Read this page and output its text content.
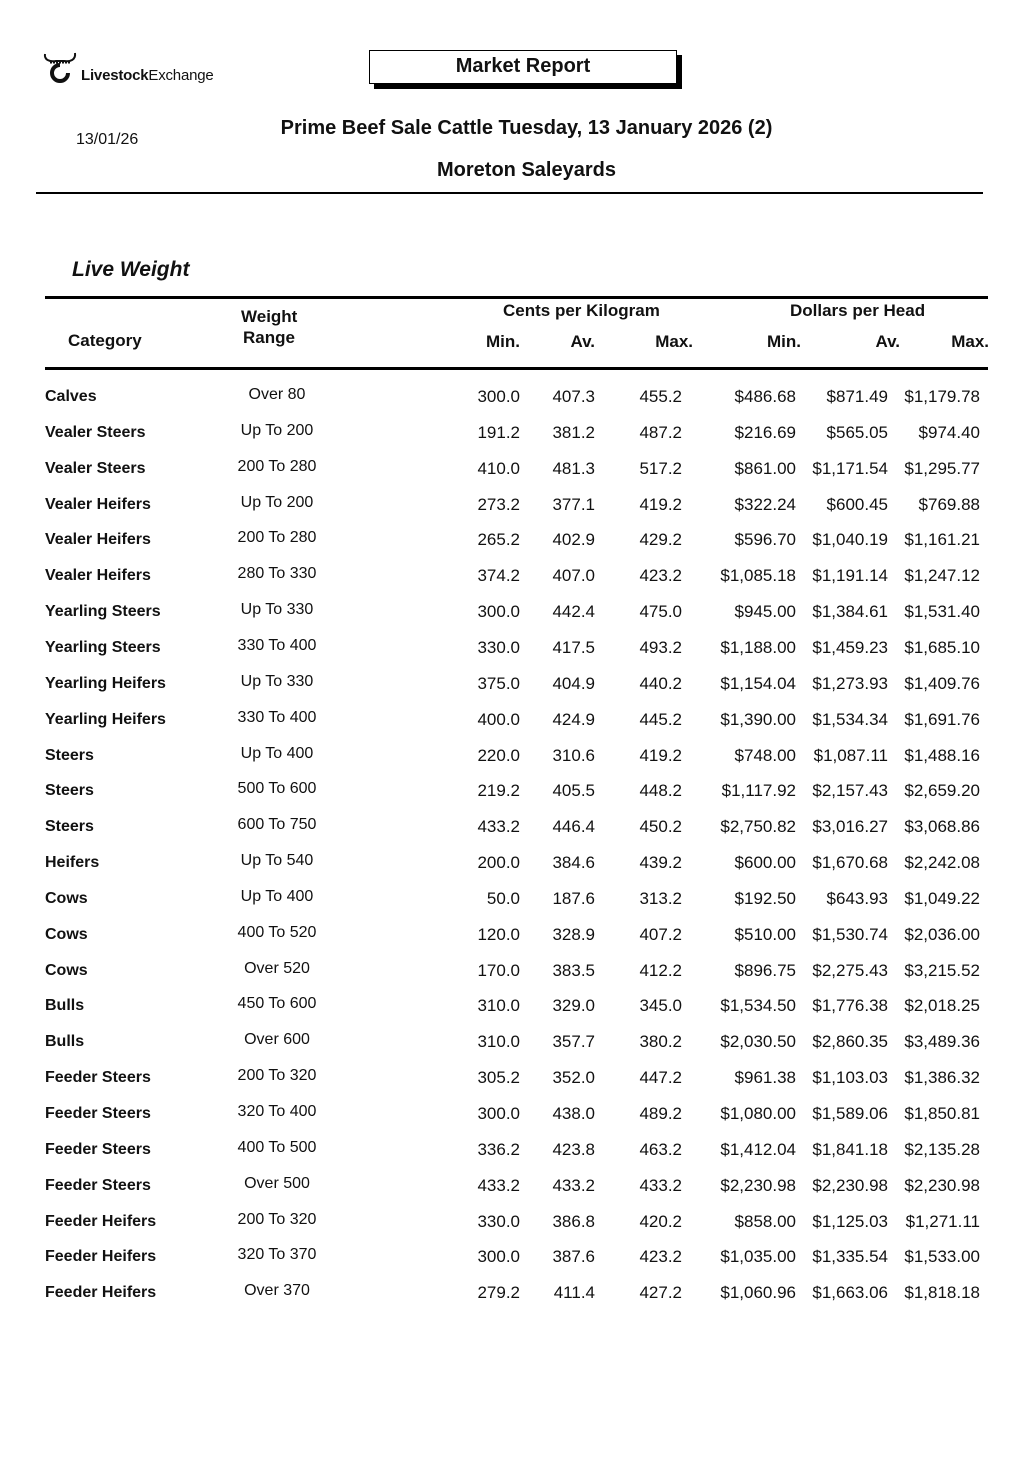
LivestockExchange	Market Report
13/01/26
Prime Beef Sale Cattle Tuesday, 13 January 2026 (2)
Moreton Saleyards
Live Weight
Category
Weight
Range
Cents per Kilogram	Dollars per Head
Min.	Av.	Max.	Min.	Av.	Max.
Calves	Over 80	300.0 407.3	455.2	$486.68 $871.49 $1,179.78
Vealer Steers	Up To 200	191.2 381.2	487.2	$216.69 $565.05 $974.40
Vealer Steers	200 To 280	410.0 481.3	517.2	$861.00 $1,171.54 $1,295.77
Vealer Heifers	Up To 200	273.2 377.1	419.2	$322.24 $600.45 $769.88
Vealer Heifers	200 To 280	265.2 402.9	429.2	$596.70 $1,040.19 $1,161.21
Vealer Heifers	280 To 330	374.2 407.0	423.2 $1,085.18 $1,191.14 $1,247.12
Yearling Steers	Up To 330	300.0 442.4	475.0	$945.00 $1,384.61 $1,531.40
Yearling Steers	330 To 400	330.0 417.5	493.2 $1,188.00 $1,459.23 $1,685.10
Yearling Heifers	Up To 330	375.0 404.9	440.2 $1,154.04 $1,273.93 $1,409.76
Yearling Heifers	330 To 400	400.0 424.9	445.2 $1,390.00 $1,534.34 $1,691.76
Steers	Up To 400	220.0 310.6	419.2	$748.00 $1,087.11 $1,488.16
Steers	500 To 600	219.2 405.5	448.2 $1,117.92 $2,157.43 $2,659.20
Steers	600 To 750	433.2 446.4	450.2 $2,750.82 $3,016.27 $3,068.86
Heifers	Up To 540	200.0 384.6	439.2	$600.00 $1,670.68 $2,242.08
Cows	Up To 400	50.0 187.6	313.2	$192.50 $643.93 $1,049.22
Cows	400 To 520	120.0 328.9	407.2	$510.00 $1,530.74 $2,036.00
Cows	Over 520	170.0 383.5	412.2	$896.75 $2,275.43 $3,215.52
Bulls	450 To 600	310.0 329.0	345.0 $1,534.50 $1,776.38 $2,018.25
Bulls	Over 600	310.0 357.7	380.2 $2,030.50 $2,860.35 $3,489.36
Feeder Steers	200 To 320	305.2 352.0	447.2	$961.38 $1,103.03 $1,386.32
Feeder Steers	320 To 400	300.0 438.0	489.2 $1,080.00 $1,589.06 $1,850.81
Feeder Steers	400 To 500	336.2 423.8	463.2 $1,412.04 $1,841.18 $2,135.28
Feeder Steers	Over 500	433.2 433.2	433.2 $2,230.98 $2,230.98 $2,230.98
Feeder Heifers	200 To 320	330.0 386.8	420.2	$858.00 $1,125.03 $1,271.11
Feeder Heifers	320 To 370	300.0 387.6	423.2 $1,035.00 $1,335.54 $1,533.00
Feeder Heifers	Over 370	279.2 411.4	427.2 $1,060.96 $1,663.06 $1,818.18
